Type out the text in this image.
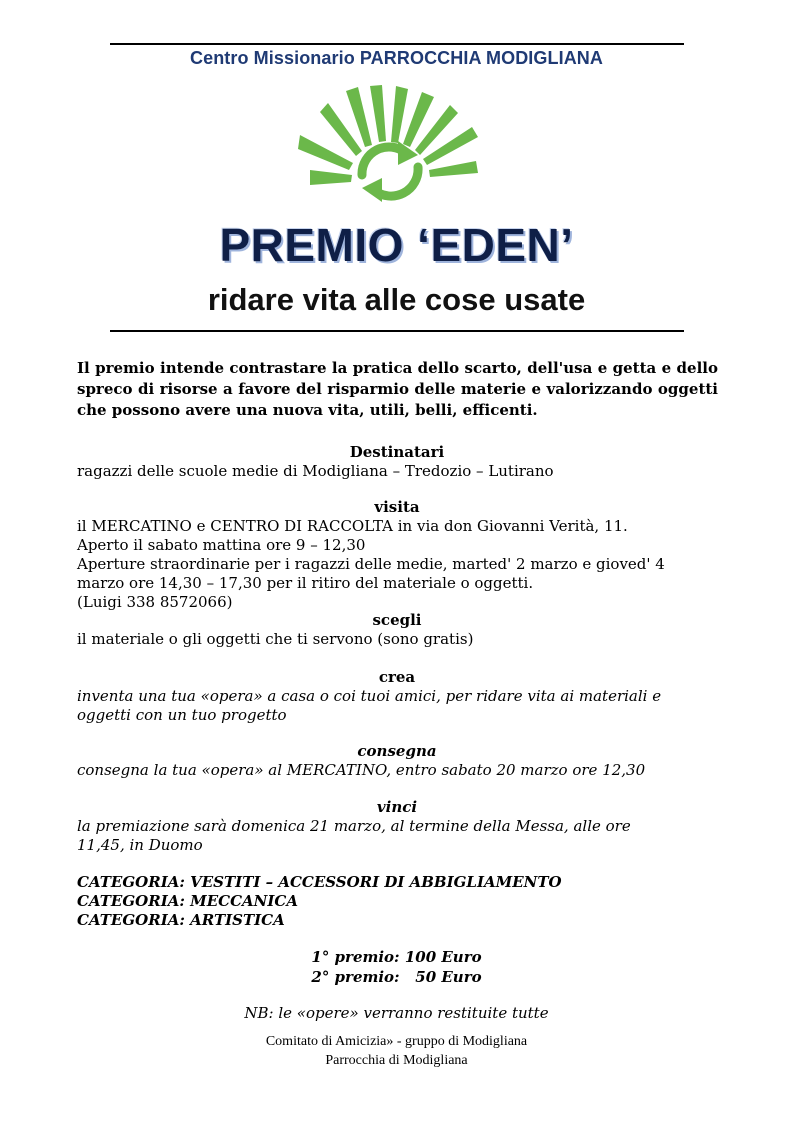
Centro Missionario PARROCCHIA MODIGLIANA
PREMIO ‘EDEN’
ridare vita alle cose usate
Il premio intende contrastare la pratica dello scarto, dell'usa e getta e dello spreco di risorse a favore del risparmio delle materie e valorizzando oggetti che possono avere una nuova vita, utili, belli, efficenti.
Destinatari
ragazzi delle scuole medie di Modigliana – Tredozio – Lutirano
visita
il MERCATINO e CENTRO DI RACCOLTA in via don Giovanni Verità, 11.
Aperto il sabato mattina ore 9 – 12,30
Aperture straordinarie per i ragazzi delle medie, marted' 2 marzo e gioved' 4
marzo ore 14,30 – 17,30 per il ritiro del materiale o oggetti.
(Luigi 338 8572066)
scegli
il materiale o gli oggetti che ti servono (sono gratis)
crea
inventa una tua «opera» a casa o coi tuoi amici, per ridare vita ai materiali e
oggetti con un tuo progetto
consegna
consegna la tua «opera» al MERCATINO, entro sabato 20 marzo ore 12,30
vinci
la premiazione sarà domenica 21 marzo, al termine della Messa, alle ore
11,45, in Duomo
CATEGORIA: VESTITI – ACCESSORI DI ABBIGLIAMENTO
CATEGORIA: MECCANICA
CATEGORIA: ARTISTICA
1° premio: 100 Euro
2° premio:   50 Euro
NB: le «opere» verranno restituite tutte
Comitato di Amicizia» - gruppo di Modigliana
Parrocchia di Modigliana
